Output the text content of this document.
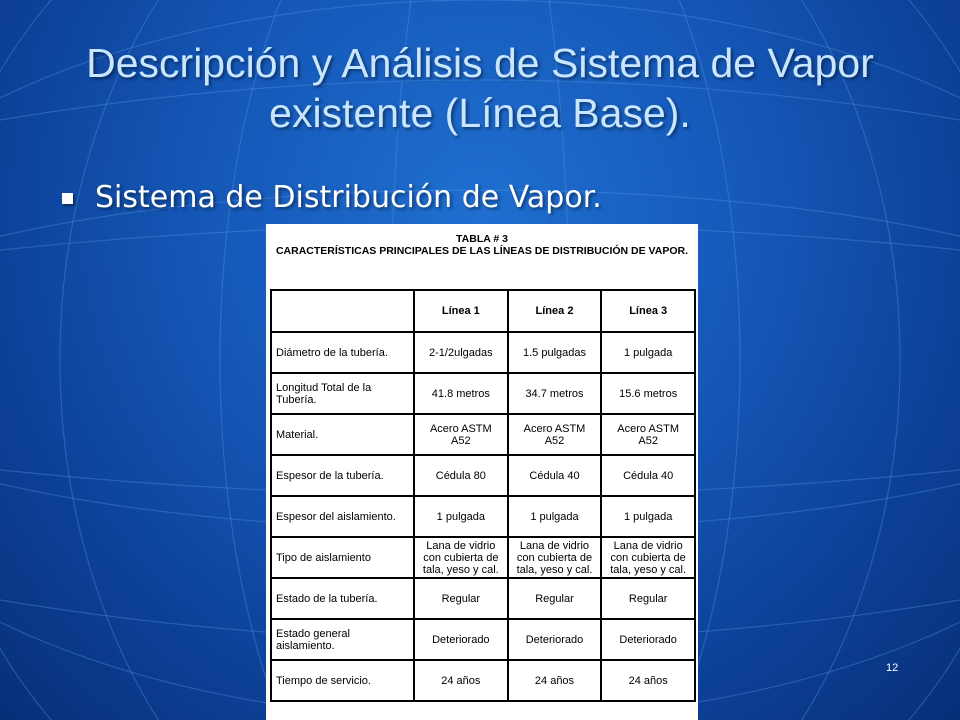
Descripción y Análisis de Sistema de Vapor existente (Línea Base).
Sistema de Distribución de Vapor.
TABLA # 3
CARACTERÍSTICAS PRINCIPALES DE LAS LÍNEAS DE DISTRIBUCIÓN DE VAPOR.
	Línea 1	Línea 2	Línea 3
Diámetro de la tubería.	2-1/2ulgadas	1.5 pulgadas	1 pulgada
Longitud Total de la Tubería.	41.8 metros	34.7 metros	15.6 metros
Material.	Acero ASTM A52	Acero ASTM A52	Acero ASTM A52
Espesor de la tubería.	Cédula 80	Cédula 40	Cédula 40
Espesor del aislamiento.	1 pulgada	1 pulgada	1 pulgada
Tipo de aislamiento	Lana de vidrio con cubierta de tala, yeso y cal.	Lana de vidrio con cubierta de tala, yeso y cal.	Lana de vidrio con cubierta de tala, yeso y cal.
Estado de la tubería.	Regular	Regular	Regular
Estado general aislamiento.	Deteriorado	Deteriorado	Deteriorado
Tiempo de servicio.	24 años	24 años	24 años
12
